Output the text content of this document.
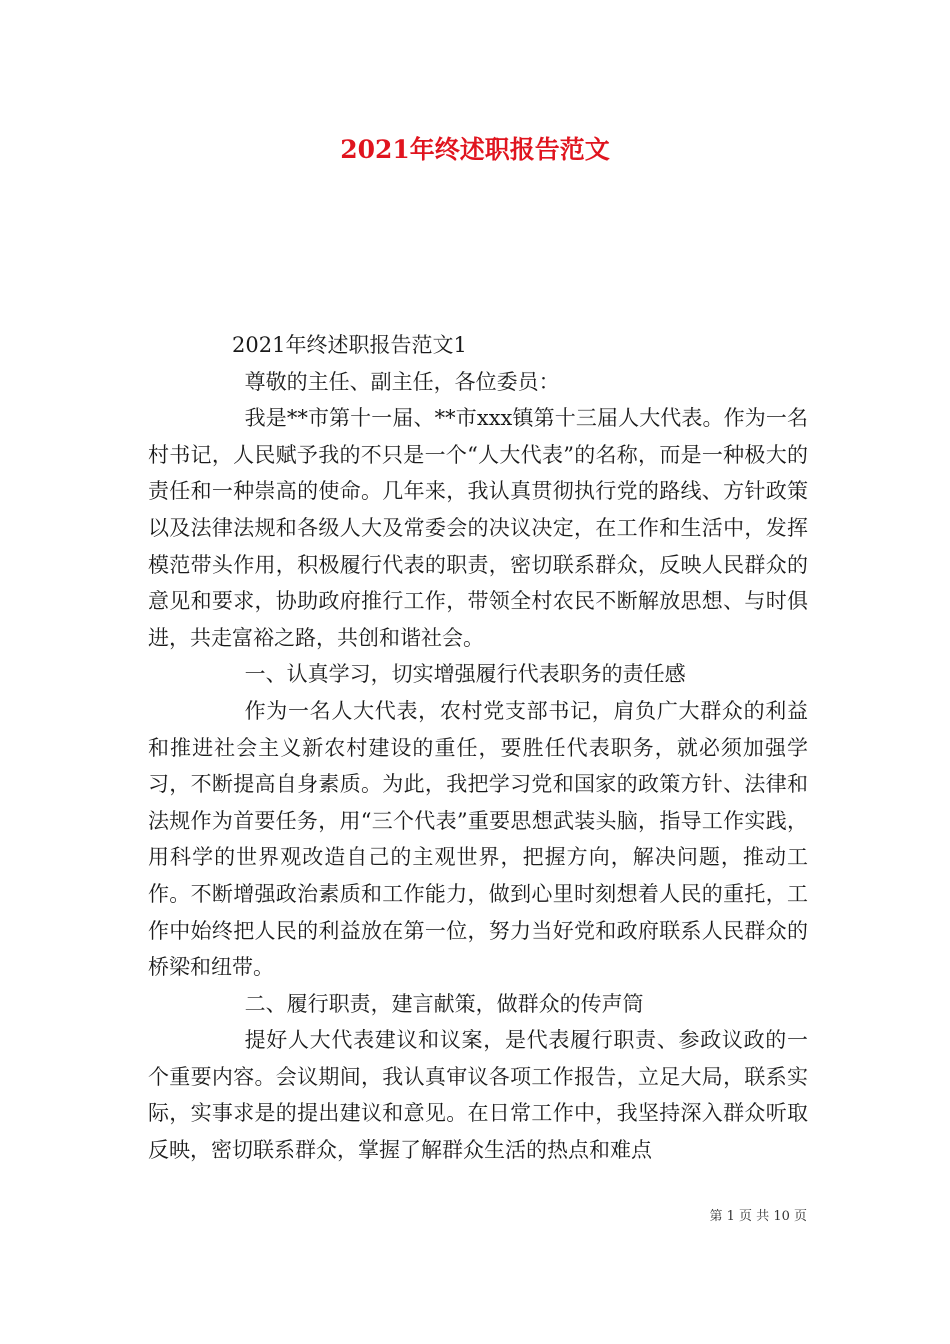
2021年终述职报告范文

2021年终述职报告范文1

尊敬的主任、副主任，各位委员：

我是**市第十一届、**市xxx镇第十三届人大代表。作为一名村书记，人民赋予我的不只是一个“人大代表”的名称，而是一种极大的责任和一种崇高的使命。几年来，我认真贯彻执行党的路线、方针政策以及法律法规和各级人大及常委会的决议决定，在工作和生活中，发挥模范带头作用，积极履行代表的职责，密切联系群众，反映人民群众的意见和要求，协助政府推行工作，带领全村农民不断解放思想、与时俱进，共走富裕之路，共创和谐社会。

一、认真学习，切实增强履行代表职务的责任感

作为一名人大代表，农村党支部书记，肩负广大群众的利益和推进社会主义新农村建设的重任，要胜任代表职务，就必须加强学习，不断提高自身素质。为此，我把学习党和国家的政策方针、法律和法规作为首要任务，用“三个代表”重要思想武装头脑，指导工作实践，用科学的世界观改造自己的主观世界，把握方向，解决问题，推动工作。不断增强政治素质和工作能力，做到心里时刻想着人民的重托，工作中始终把人民的利益放在第一位，努力当好党和政府联系人民群众的桥梁和纽带。

二、履行职责，建言献策，做群众的传声筒

提好人大代表建议和议案，是代表履行职责、参政议政的一个重要内容。会议期间，我认真审议各项工作报告，立足大局，联系实际，实事求是的提出建议和意见。在日常工作中，我坚持深入群众听取反映，密切联系群众，掌握了解群众生活的热点和难点

第 1 页 共 10 页
